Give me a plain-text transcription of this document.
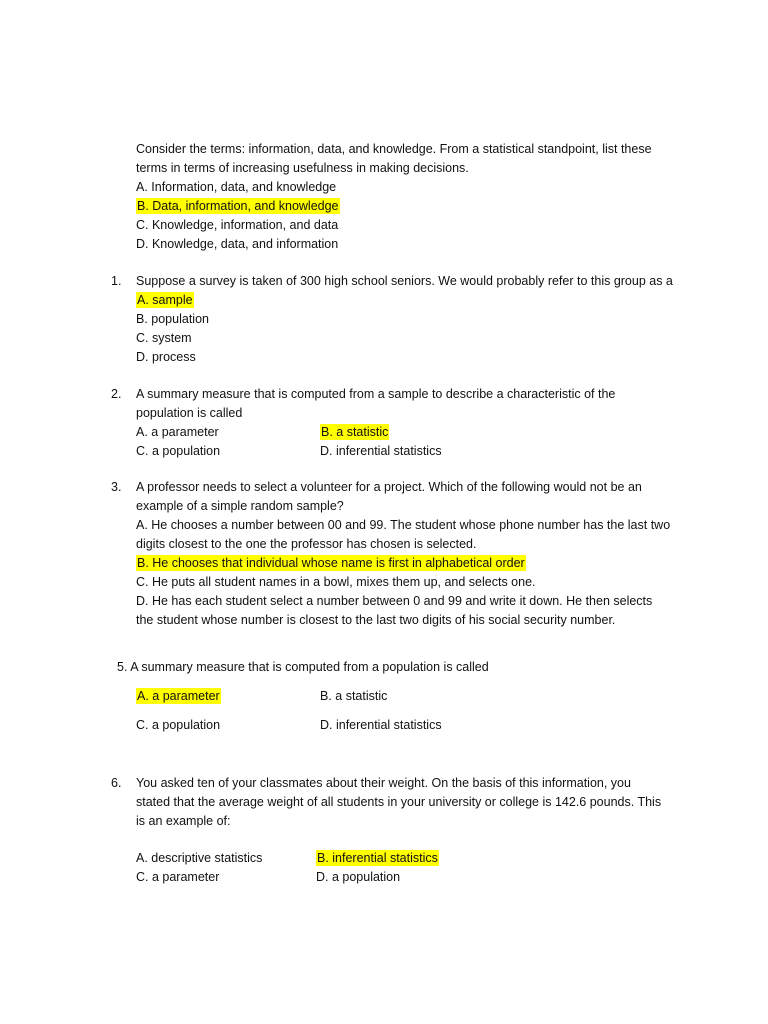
Consider the terms: information, data, and knowledge. From a statistical standpoint, list these
terms in terms of increasing usefulness in making decisions.
A. Information, data, and knowledge
B. Data, information, and knowledge
C. Knowledge, information, and data
D. Knowledge, data, and information
1. Suppose a survey is taken of 300 high school seniors. We would probably refer to this group as a
A. sample
B. population
C. system
D. process
2. A summary measure that is computed from a sample to describe a characteristic of the
population is called
A. a parameter	B. a statistic
C. a population	D. inferential statistics
3. A professor needs to select a volunteer for a project. Which of the following would not be an
example of a simple random sample?
A. He chooses a number between 00 and 99. The student whose phone number has the last two
digits closest to the one the professor has chosen is selected.
B. He chooses that individual whose name is first in alphabetical order
C. He puts all student names in a bowl, mixes them up, and selects one.
D. He has each student select a number between 0 and 99 and write it down. He then selects
the student whose number is closest to the last two digits of his social security number.
5. A summary measure that is computed from a population is called
A. a parameter	B. a statistic
C. a population	D. inferential statistics
6. You asked ten of your classmates about their weight. On the basis of this information, you
stated that the average weight of all students in your university or college is 142.6 pounds. This
is an example of:
A. descriptive statistics	B. inferential statistics
C. a parameter	D. a population
